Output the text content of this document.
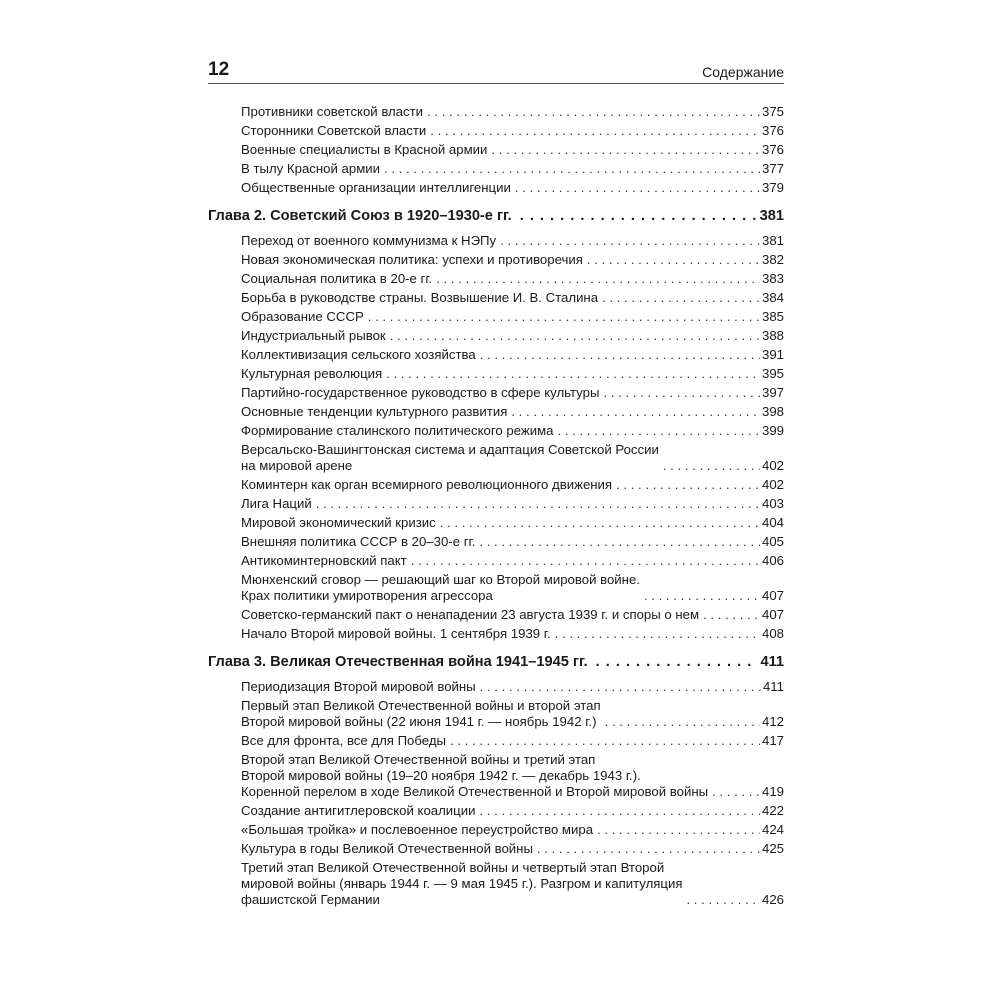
12	Содержание
Противники советской власти . . .	375
Сторонники Советской власти . . .	376
Военные специалисты в Красной армии . . .	376
В тылу Красной армии . . .	377
Общественные организации интеллигенции . . .	379
Глава 2. Советский Союз в 1920–1930-е гг. . . .	381
Переход от военного коммунизма к НЭПу . . .	381
Новая экономическая политика: успехи и противоречия . . .	382
Социальная политика в 20-е гг. . . .	383
Борьба в руководстве страны. Возвышение И. В. Сталина . . .	384
Образование СССР . . .	385
Индустриальный рывок . . .	388
Коллективизация сельского хозяйства . . .	391
Культурная революция . . .	395
Партийно-государственное руководство в сфере культуры . . .	397
Основные тенденции культурного развития . . .	398
Формирование сталинского политического режима . . .	399
Версальско-Вашингтонская система и адаптация Советской России
на мировой арене . . .	402
Коминтерн как орган всемирного революционного движения . . .	402
Лига Наций . . .	403
Мировой экономический кризис . . .	404
Внешняя политика СССР в 20–30-е гг. . . .	405
Антикоминтерновский пакт . . .	406
Мюнхенский сговор — решающий шаг ко Второй мировой войне.
Крах политики умиротворения агрессора . . .	407
Советско-германский пакт о ненападении 23 августа 1939 г. и споры о нем . . .	407
Начало Второй мировой войны. 1 сентября 1939 г. . . .	408
Глава 3. Великая Отечественная война 1941–1945 гг. . . .	411
Периодизация Второй мировой войны . . .	411
Первый этап Великой Отечественной войны и второй этап
Второй мировой войны (22 июня 1941 г. — ноябрь 1942 г.) . . .	412
Все для фронта, все для Победы . . .	417
Второй этап Великой Отечественной войны и третий этап
Второй мировой войны (19–20 ноября 1942 г. — декабрь 1943 г.).
Коренной перелом в ходе Великой Отечественной и Второй мировой войны . . .	419
Создание антигитлеровской коалиции . . .	422
«Большая тройка» и послевоенное переустройство мира . . .	424
Культура в годы Великой Отечественной войны . . .	425
Третий этап Великой Отечественной войны и четвертый этап Второй
мировой войны (январь 1944 г. — 9 мая 1945 г.). Разгром и капитуляция
фашистской Германии . . .	426
